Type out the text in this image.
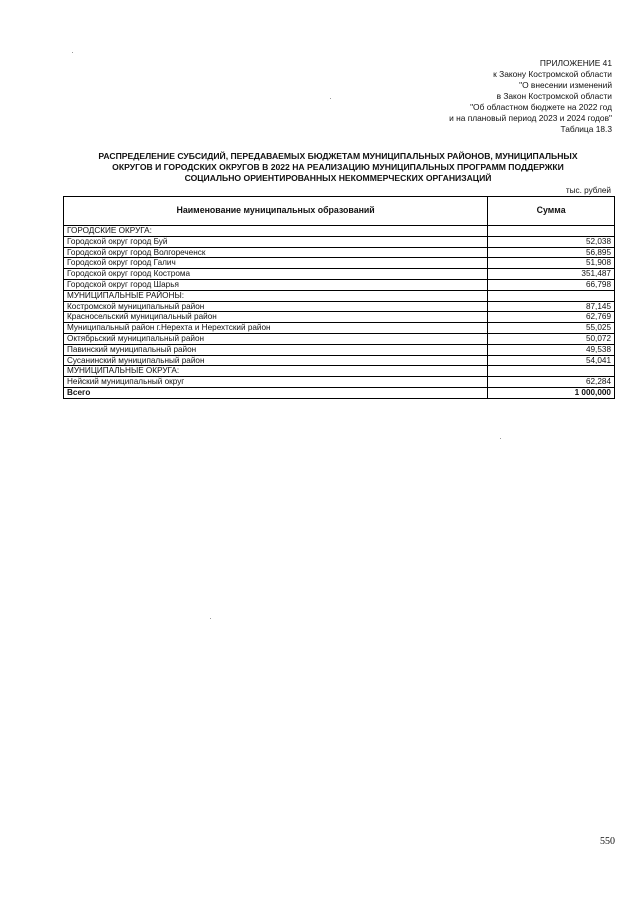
ПРИЛОЖЕНИЕ 41
к Закону Костромской области
"О внесении изменений
в Закон Костромской области
"Об областном бюджете на 2022 год
и на плановый период 2023 и 2024 годов"
Таблица 18.3
РАСПРЕДЕЛЕНИЕ СУБСИДИЙ, ПЕРЕДАВАЕМЫХ БЮДЖЕТАМ МУНИЦИПАЛЬНЫХ РАЙОНОВ, МУНИЦИПАЛЬНЫХ
ОКРУГОВ И ГОРОДСКИХ ОКРУГОВ В 2022 НА РЕАЛИЗАЦИЮ МУНИЦИПАЛЬНЫХ ПРОГРАММ ПОДДЕРЖКИ
СОЦИАЛЬНО ОРИЕНТИРОВАННЫХ НЕКОММЕРЧЕСКИХ ОРГАНИЗАЦИЙ
тыс. рублей
Наименование муниципальных образований	Сумма
ГОРОДСКИЕ ОКРУГА:	
Городской округ город Буй	52,038
Городской округ город Волгореченск	56,895
Городской округ город Галич	51,908
Городской округ город Кострома	351,487
Городской округ город Шарья	66,798
МУНИЦИПАЛЬНЫЕ РАЙОНЫ:	
Костромской муниципальный район	87,145
Красносельский муниципальный район	62,769
Муниципальный район г.Нерехта и Нерехтский район	55,025
Октябрьский муниципальный район	50,072
Павинский муниципальный район	49,538
Сусанинский муниципальный район	54,041
МУНИЦИПАЛЬНЫЕ ОКРУГА:	
Нейский муниципальный округ	62,284
Всего	1 000,000
550
